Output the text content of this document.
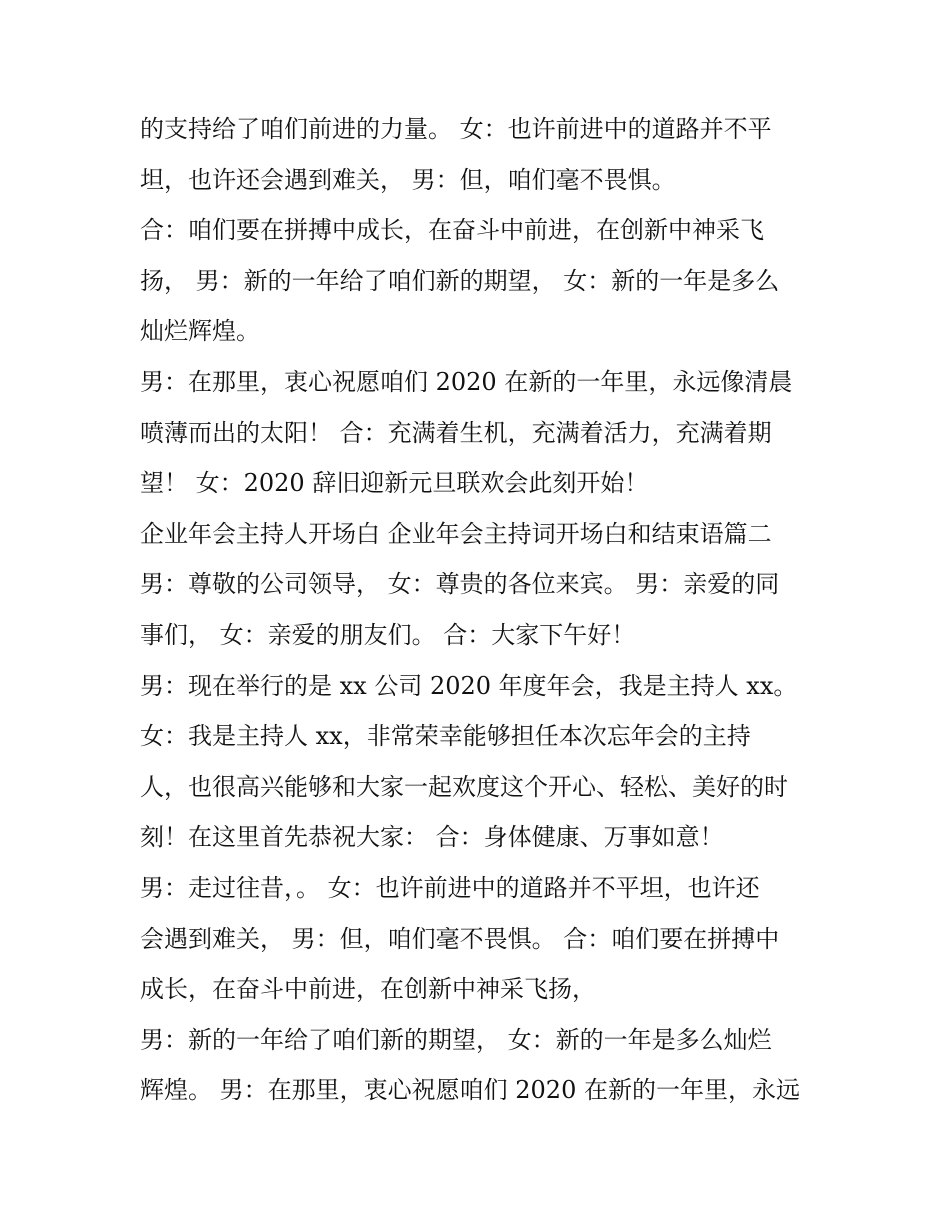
的支持给了咱们前进的力量。 女：也许前进中的道路并不平

坦，也许还会遇到难关， 男：但，咱们毫不畏惧。

合：咱们要在拼搏中成长，在奋斗中前进，在创新中神采飞

扬， 男：新的一年给了咱们新的期望， 女：新的一年是多么

灿烂辉煌。

男：在那里，衷心祝愿咱们 2020 在新的一年里，永远像清晨

喷薄而出的太阳！ 合：充满着生机，充满着活力，充满着期

望！ 女：2020 辞旧迎新元旦联欢会此刻开始！

企业年会主持人开场白 企业年会主持词开场白和结束语篇二

男：尊敬的公司领导， 女：尊贵的各位来宾。 男：亲爱的同

事们， 女：亲爱的朋友们。 合：大家下午好！

男：现在举行的是 xx 公司 2020 年度年会，我是主持人 xx。

女：我是主持人 xx，非常荣幸能够担任本次忘年会的主持

人，也很高兴能够和大家一起欢度这个开心、轻松、美好的时

刻！在这里首先恭祝大家： 合：身体健康、万事如意！

男：走过往昔，。 女：也许前进中的道路并不平坦，也许还

会遇到难关， 男：但，咱们毫不畏惧。 合：咱们要在拼搏中

成长，在奋斗中前进，在创新中神采飞扬，

男：新的一年给了咱们新的期望， 女：新的一年是多么灿烂

辉煌。 男：在那里，衷心祝愿咱们 2020 在新的一年里，永远
